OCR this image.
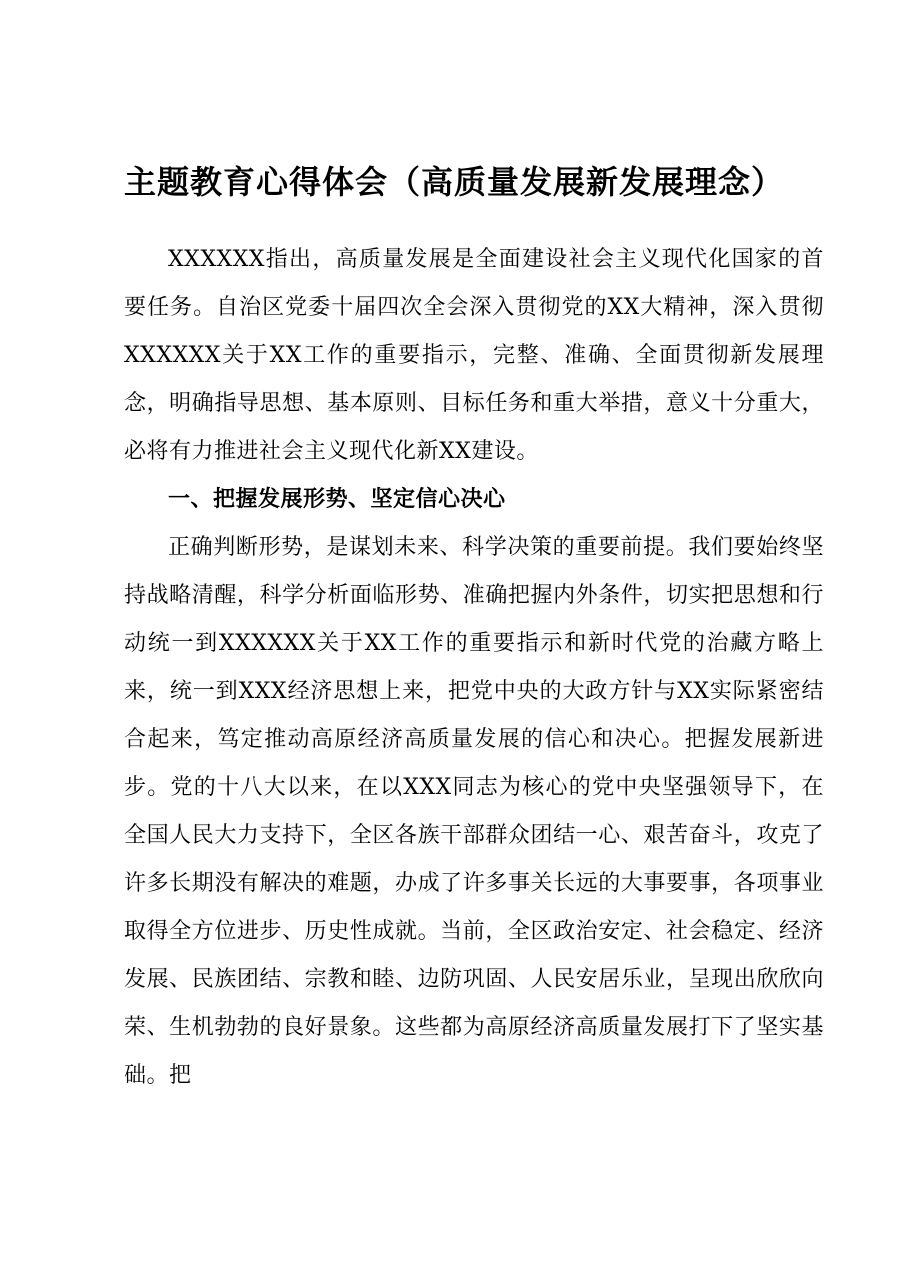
主题教育心得体会（高质量发展新发展理念）

XXXXXX指出，高质量发展是全面建设社会主义现代化国家的首要任务。自治区党委十届四次全会深入贯彻党的XX大精神，深入贯彻XXXXXX关于XX工作的重要指示，完整、准确、全面贯彻新发展理念，明确指导思想、基本原则、目标任务和重大举措，意义十分重大，必将有力推进社会主义现代化新XX建设。

一、把握发展形势、坚定信心决心

正确判断形势，是谋划未来、科学决策的重要前提。我们要始终坚持战略清醒，科学分析面临形势、准确把握内外条件，切实把思想和行动统一到XXXXXX关于XX工作的重要指示和新时代党的治藏方略上来，统一到XXX经济思想上来，把党中央的大政方针与XX实际紧密结合起来，笃定推动高原经济高质量发展的信心和决心。把握发展新进步。党的十八大以来，在以XXX同志为核心的党中央坚强领导下，在全国人民大力支持下，全区各族干部群众团结一心、艰苦奋斗，攻克了许多长期没有解决的难题，办成了许多事关长远的大事要事，各项事业取得全方位进步、历史性成就。当前，全区政治安定、社会稳定、经济发展、民族团结、宗教和睦、边防巩固、人民安居乐业，呈现出欣欣向荣、生机勃勃的良好景象。这些都为高原经济高质量发展打下了坚实基础。把
